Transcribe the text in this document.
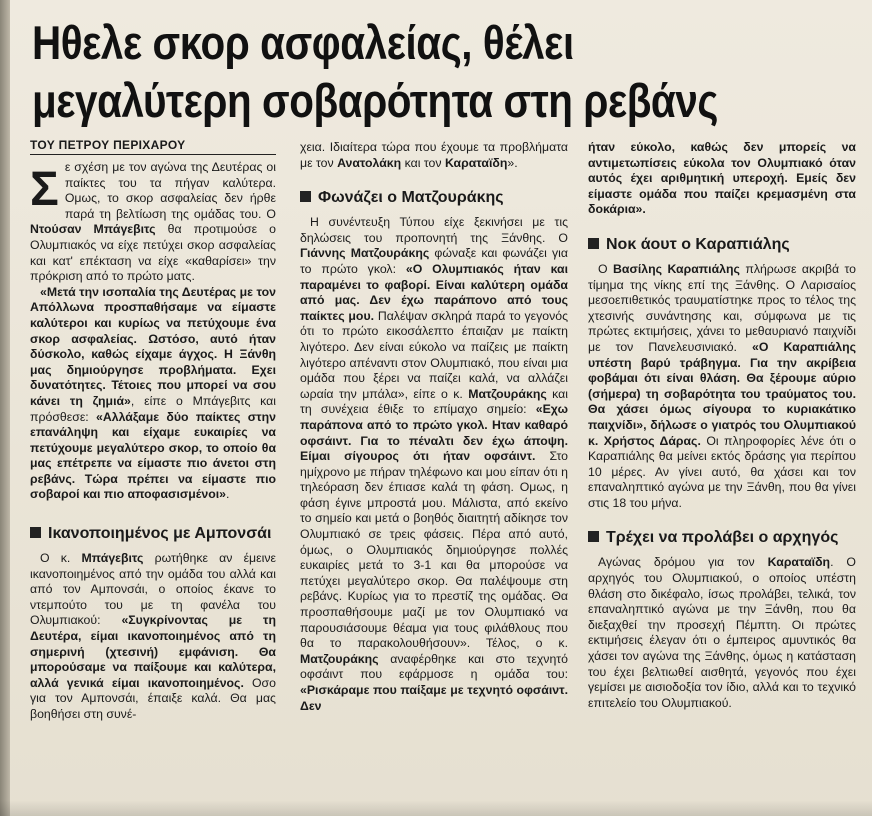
Ηθελε σκορ ασφαλείας, θέλει
μεγαλύτερη σοβαρότητα στη ρεβάνς
ΤΟΥ ΠΕΤΡΟΥ ΠΕΡΙΧΑΡΟΥ

Σε σχέση με τον αγώνα της Δευτέρας οι παίκτες του τα πήγαν καλύτερα. Ομως, το σκορ ασφαλείας δεν ήρθε παρά τη βελτίωση της ομάδας του. Ο Ντούσαν Μπάγεβιτς θα προτιμούσε ο Ολυμπιακός να είχε πετύχει σκορ ασφαλείας και κατ' επέκταση να είχε «καθαρίσει» την πρόκριση από το πρώτο ματς.

«Μετά την ισοπαλία της Δευτέρας με τον Απόλλωνα προσπαθήσαμε να είμαστε καλύτεροι και κυρίως να πετύχουμε ένα σκορ ασφαλείας. Ωστόσο, αυτό ήταν δύσκολο, καθώς είχαμε άγχος. Η Ξάνθη μας δημιούργησε προβλήματα. Εχει δυνατότητες. Τέτοιες που μπορεί να σου κάνει τη ζημιά», είπε ο Μπάγεβιτς και πρόσθεσε: «Αλλάξαμε δύο παίκτες στην επανάληψη και είχαμε ευκαιρίες να πετύχουμε μεγαλύτερο σκορ, το οποίο θα μας επέτρεπε να είμαστε πιο άνετοι στη ρεβάνς. Τώρα πρέπει να είμαστε πιο σοβαροί και πιο αποφασισμένοι».

Ικανοποιημένος με Αμπονσάι

Ο κ. Μπάγεβιτς ρωτήθηκε αν έμεινε ικανοποιημένος από την ομάδα του αλλά και από τον Αμπονσάι, ο οποίος έκανε το ντεμπούτο του με τη φανέλα του Ολυμπιακού: «Συγκρίνοντας με τη Δευτέρα, είμαι ικανοποιημένος από τη σημερινή (χτεσινή) εμφάνιση. Θα μπορούσαμε να παίξουμε και καλύτερα, αλλά γενικά είμαι ικανοποιημένος. Οσο για τον Αμπονσάι, έπαιξε καλά. Θα μας βοηθήσει στη συνέ-

χεια. Ιδιαίτερα τώρα που έχουμε τα προβλήματα με τον Ανατολάκη και τον Καραταϊδη».

Φωνάζει ο Ματζουράκης

Η συνέντευξη Τύπου είχε ξεκινήσει με τις δηλώσεις του προπονητή της Ξάνθης. Ο Γιάννης Ματζουράκης φώναξε και φωνάζει για το πρώτο γκολ: «Ο Ολυμπιακός ήταν και παραμένει το φαβορί. Είναι καλύτερη ομάδα από μας. Δεν έχω παράπονο από τους παίκτες μου. Παλέψαν σκληρά παρά το γεγονός ότι το πρώτο εικοσάλεπτο έπαιζαν με παίκτη λιγότερο. Δεν είναι εύκολο να παίζεις με παίκτη λιγότερο απέναντι στον Ολυμπιακό, που είναι μια ομάδα που ξέρει να παίζει καλά, να αλλάζει ωραία την μπάλα», είπε ο κ. Ματζουράκης και τη συνέχεια έθιξε το επίμαχο σημείο: «Εχω παράπονα από το πρώτο γκολ. Ηταν καθαρό οφσάιντ. Για το πέναλτι δεν έχω άποψη. Είμαι σίγουρος ότι ήταν οφσάιντ. Στο ημίχρονο με πήραν τηλέφωνο και μου είπαν ότι η τηλεόραση δεν έπιασε καλά τη φάση. Ομως, η φάση έγινε μπροστά μου. Μάλιστα, από εκείνο το σημείο και μετά ο βοηθός διαιτητή αδίκησε τον Ολυμπιακό σε τρεις φάσεις. Πέρα από αυτό, όμως, ο Ολυμπιακός δημιούργησε πολλές ευκαιρίες μετά το 3-1 και θα μπορούσε να πετύχει μεγαλύτερο σκορ. Θα παλέψουμε στη ρεβάνς. Κυρίως για το πρεστίζ της ομάδας. Θα προσπαθήσουμε μαζί με τον Ολυμπιακό να παρουσιάσουμε θέαμα για τους φιλάθλους που θα το παρακολουθήσουν». Τέλος, ο κ. Ματζουράκης αναφέρθηκε και στο τεχνητό οφσάιντ που εφάρμοσε η ομάδα του: «Ρισκάραμε που παίξαμε με τεχνητό οφσάιντ. Δεν

ήταν εύκολο, καθώς δεν μπορείς να αντιμετωπίσεις εύκολα τον Ολυμπιακό όταν αυτός έχει αριθμητική υπεροχή. Εμείς δεν είμαστε ομάδα που παίζει κρεμασμένη στα δοκάρια».

Νοκ άουτ ο Καραπιάλης

Ο Βασίλης Καραπιάλης πλήρωσε ακριβά το τίμημα της νίκης επί της Ξάνθης. Ο Λαρισαίος μεσοεπιθετικός τραυματίστηκε προς το τέλος της χτεσινής συνάντησης και, σύμφωνα με τις πρώτες εκτιμήσεις, χάνει το μεθαυριανό παιχνίδι με τον Πανελευσινιακό. «Ο Καραπιάλης υπέστη βαρύ τράβηγμα. Για την ακρίβεια φοβάμαι ότι είναι θλάση. Θα ξέρουμε αύριο (σήμερα) τη σοβαρότητα του τραύματος του. Θα χάσει όμως σίγουρα το κυριακάτικο παιχνίδι», δήλωσε ο γιατρός του Ολυμπιακού κ. Χρήστος Δάρας. Οι πληροφορίες λένε ότι ο Καραπιάλης θα μείνει εκτός δράσης για περίπου 10 μέρες. Αν γίνει αυτό, θα χάσει και τον επαναληπτικό αγώνα με την Ξάνθη, που θα γίνει στις 18 του μήνα.

Τρέχει να προλάβει ο αρχηγός

Αγώνας δρόμου για τον Καραταϊδη. Ο αρχηγός του Ολυμπιακού, ο οποίος υπέστη θλάση στο δικέφαλο, ίσως προλάβει, τελικά, τον επαναληπτικό αγώνα με την Ξάνθη, που θα διεξαχθεί την προσεχή Πέμπτη. Οι πρώτες εκτιμήσεις έλεγαν ότι ο έμπειρος αμυντικός θα χάσει τον αγώνα της Ξάνθης, όμως η κατάσταση του έχει βελτιωθεί αισθητά, γεγονός που έχει γεμίσει με αισιοδοξία τον ίδιο, αλλά και το τεχνικό επιτελείο του Ολυμπιακού.
